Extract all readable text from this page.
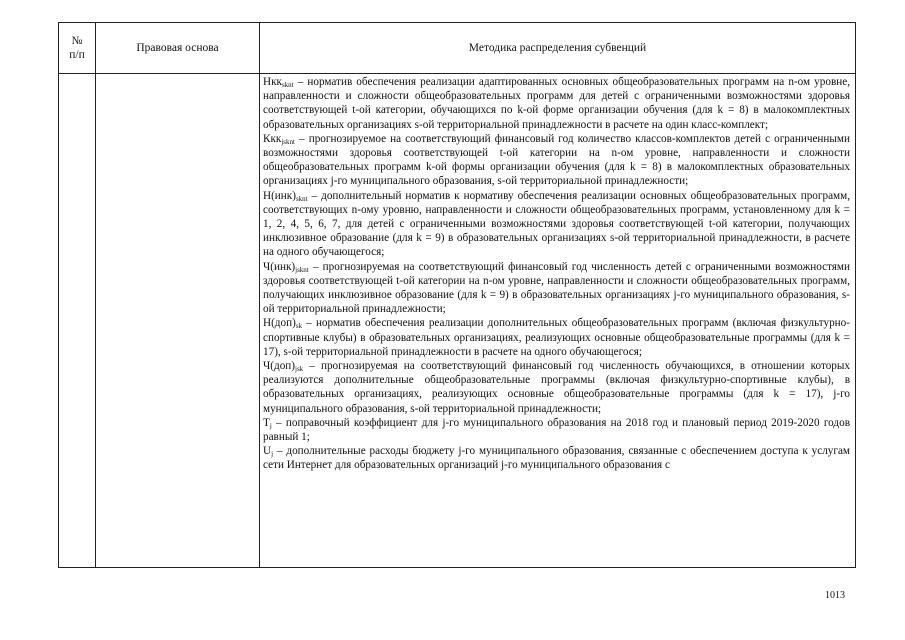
№
п/п
Правовая основа	Методика распределения субвенций

Нкк$_{sknt}$ – норматив обеспечения реализации адаптированных основных общеобразовательных программ на n-ом уровне, направленности и сложности общеобразовательных программ для детей с ограниченными возможностями здоровья соответствующей t-ой категории, обучающихся по k-ой форме организации обучения (для k = 8) в малокомплектных образовательных организациях s-ой территориальной принадлежности в расчете на один класс-комплект;

Ккк$_{jsknt}$ – прогнозируемое на соответствующий финансовый год количество классов-комплектов детей с ограниченными возможностями здоровья соответствующей t-ой категории на n-ом уровне, направленности и сложности общеобразовательных программ k-ой формы организации обучения (для k = 8) в малокомплектных образовательных организациях j-го муниципального образования, s-ой территориальной принадлежности;

$Н(инк)_{sknt}$ – дополнительный норматив к нормативу обеспечения реализации основных общеобразовательных программ, соответствующих n-ому уровню, направленности и сложности общеобразовательных программ, установленному для k = 1, 2, 4, 5, 6, 7, для детей с ограниченными возможностями здоровья соответствующей t-ой категории, получающих инклюзивное образование (для k = 9) в образовательных организациях s-ой территориальной принадлежности, в расчете на одного обучающегося;

$Ч(инк)_{jsknt}$ – прогнозируемая на соответствующий финансовый год численность детей с ограниченными возможностями здоровья соответствующей t-ой категории на n-ом уровне, направленности и сложности общеобразовательных программ, получающих инклюзивное образование (для k = 9) в образовательных организациях j-го муниципального образования, s-ой территориальной принадлежности;

$Н(доп)_{sk}$ – норматив обеспечения реализации дополнительных общеобразовательных программ (включая физкультурно-спортивные клубы) в образовательных организациях, реализующих основные общеобразовательные программы (для k = 17), s-ой территориальной принадлежности в расчете на одного обучающегося;

$Ч(доп)_{jsk}$ – прогнозируемая на соответствующий финансовый год численность обучающихся, в отношении которых реализуются дополнительные общеобразовательные программы (включая физкультурно-спортивные клубы), в образовательных организациях, реализующих основные общеобразовательные программы (для k = 17), j-го муниципального образования, s-ой территориальной принадлежности;

$T_j$ – поправочный коэффициент для j-го муниципального образования на 2018 год и плановый период 2019-2020 годов равный 1;

$U_j$ – дополнительные расходы бюджету j-го муниципального образования, связанные с обеспечением доступа к услугам сети Интернет для образовательных организаций j-го муниципального образования с

1013
